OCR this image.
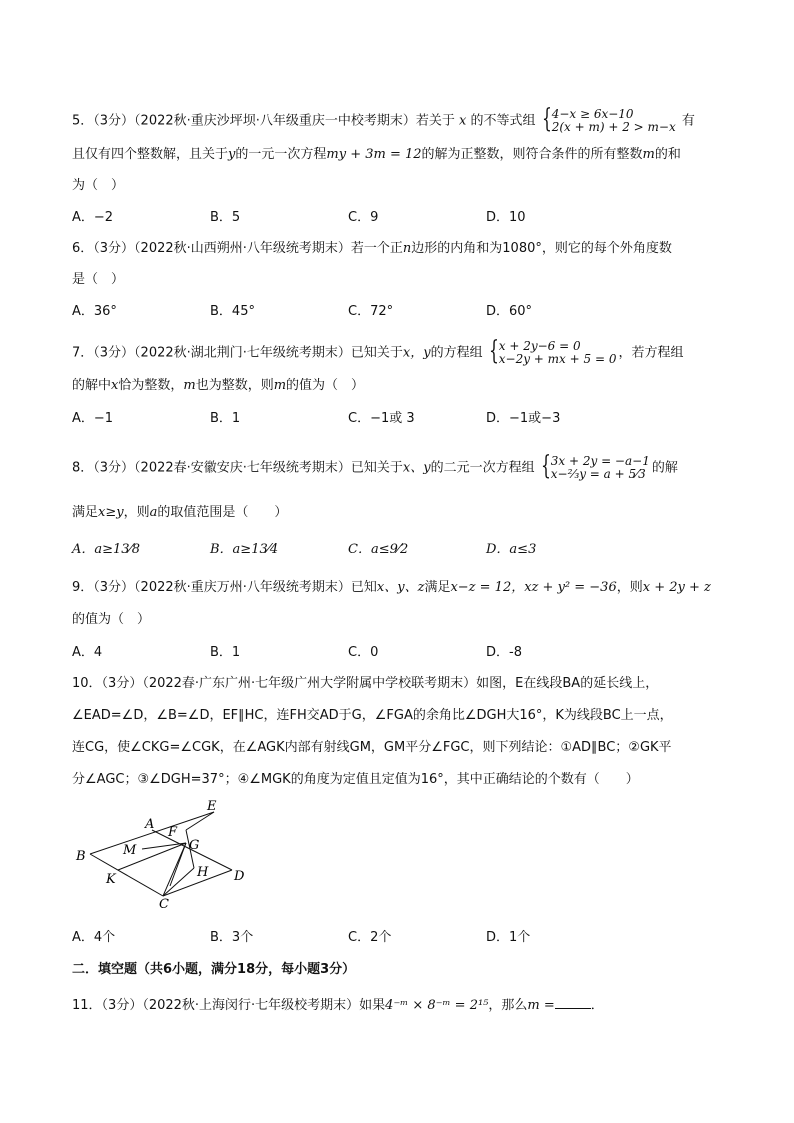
5．（3分）（2022秋·重庆沙坪坝·八年级重庆一中校考期末）若关于 x 的不等式组 { 4−x ≥ 6x−10
2(x + m) + 2 > m−x 有
且仅有四个整数解，且关于y的一元一次方程my + 3m = 12的解为正整数，则符合条件的所有整数m的和
为（　）
A．−2	B．5	C．9	D．10
6．（3分）（2022秋·山西朔州·八年级统考期末）若一个正n边形的内角和为1080°，则它的每个外角度数
是（　）
A．36°	B．45°	C．72°	D．60°
7．（3分）（2022秋·湖北荆门·七年级统考期末）已知关于x，y的方程组 { x + 2y−6 = 0
x−2y + mx + 5 = 0 ，若方程组
的解中x恰为整数，m也为整数，则m的值为（　）
A．−1	B．1	C．−1或 3	D．−1或−3
8．（3分）（2022春·安徽安庆·七年级统考期末）已知关于x、y的二元一次方程组 { 3x + 2y = −a−1
x−⅔y = a + 5⁄3 的解
满足x≥y，则a的取值范围是（　　）
A．a≥13⁄8	B．a≥13⁄4	C．a≤9⁄2	D．a≤3
9．（3分）（2022秋·重庆万州·八年级统考期末）已知x、y、z满足x−z = 12，xz + y² = −36，则x + 2y + z
的值为（　）
A．4	B．1	C．0	D．-8
10．（3分）（2022春·广东广州·七年级广州大学附属中学校联考期末）如图，E在线段BA的延长线上，
∠EAD=∠D，∠B=∠D，EF∥HC，连FH交AD于G，∠FGA的余角比∠DGH大16°，K为线段BC上一点，
连CG，使∠CKG=∠CGK，在∠AGK内部有射线GM，GM平分∠FGC，则下列结论：①AD∥BC；②GK平
分∠AGC；③∠DGH=37°；④∠MGK的角度为定值且定值为16°，其中正确结论的个数有（　　）
B
A
E
F
G
M
H
K	D
C
A．4个	B．3个	C．2个	D．1个
二．填空题（共6小题，满分18分，每小题3分）
11．（3分）（2022秋·上海闵行·七年级校考期末）如果4⁻ᵐ × 8⁻ᵐ = 2¹⁵，那么m =	．
